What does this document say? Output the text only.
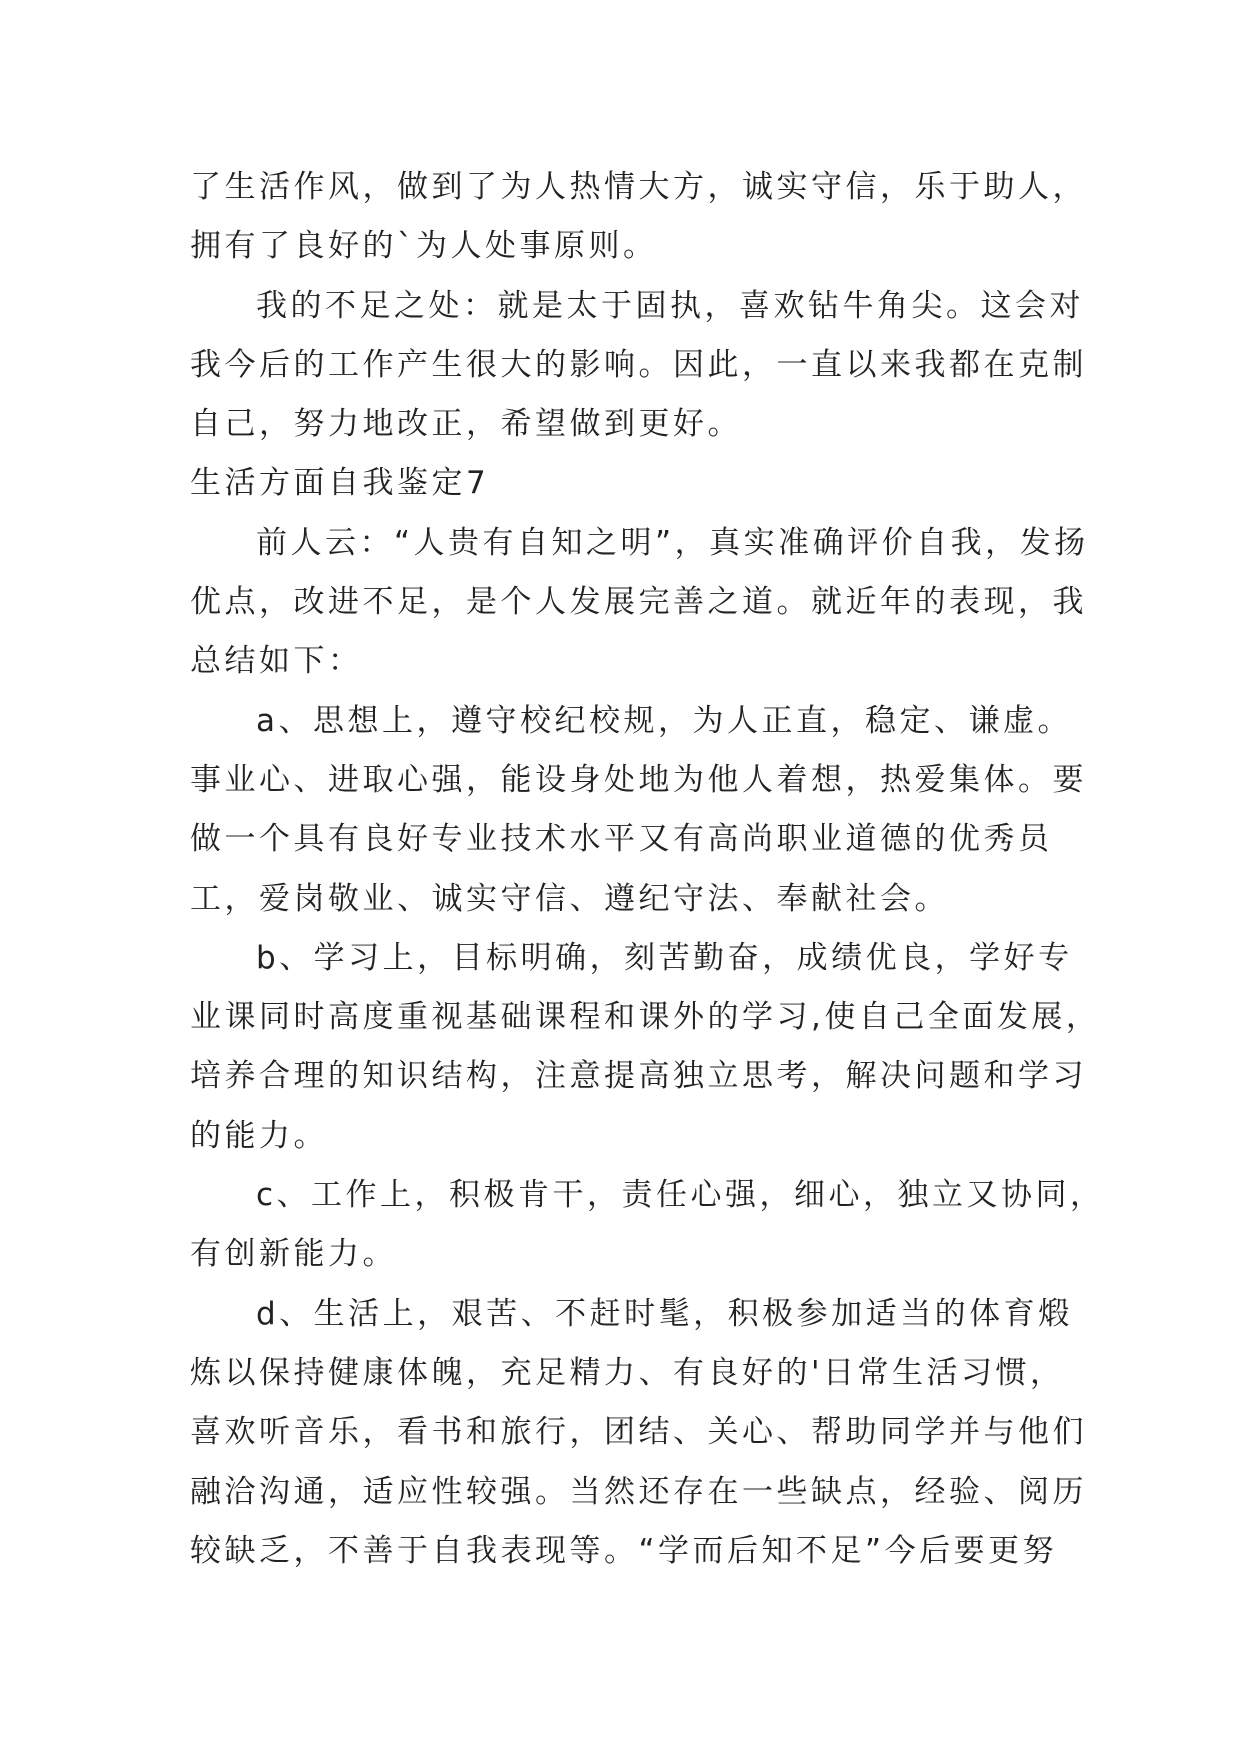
了生活作风，做到了为人热情大方，诚实守信，乐于助人，
拥有了良好的`为人处事原则。
我的不足之处：就是太于固执，喜欢钻牛角尖。这会对
我今后的工作产生很大的影响。因此，一直以来我都在克制
自己，努力地改正，希望做到更好。
生活方面自我鉴定7
前人云：“人贵有自知之明”，真实准确评价自我，发扬
优点，改进不足，是个人发展完善之道。就近年的表现，我
总结如下：
a、思想上，遵守校纪校规，为人正直，稳定、谦虚。
事业心、进取心强，能设身处地为他人着想，热爱集体。要
做一个具有良好专业技术水平又有高尚职业道德的优秀员
工，爱岗敬业、诚实守信、遵纪守法、奉献社会。
b、学习上，目标明确，刻苦勤奋，成绩优良，学好专
业课同时高度重视基础课程和课外的学习,使自己全面发展，
培养合理的知识结构，注意提高独立思考，解决问题和学习
的能力。
c、工作上，积极肯干，责任心强，细心，独立又协同，
有创新能力。
d、生活上，艰苦、不赶时髦，积极参加适当的体育煅
炼以保持健康体魄，充足精力、有良好的'日常生活习惯，
喜欢听音乐，看书和旅行，团结、关心、帮助同学并与他们
融洽沟通，适应性较强。当然还存在一些缺点，经验、阅历
较缺乏，不善于自我表现等。“学而后知不足”今后要更努
